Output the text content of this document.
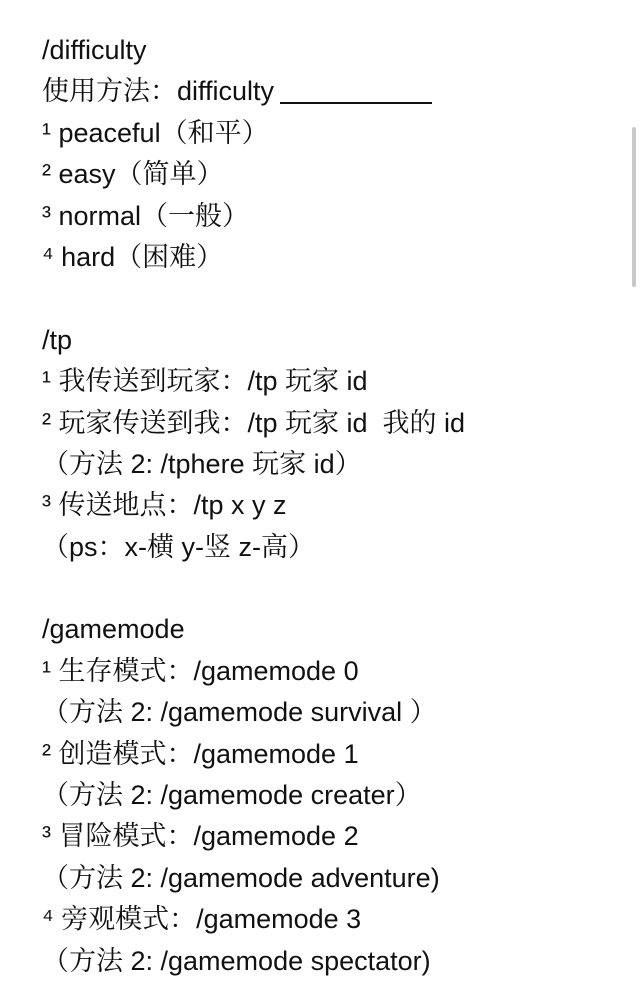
/difficulty
使用方法：difficulty
¹ peaceful（和平）
² easy（简单）
³ normal（一般）
⁴ hard（困难）
/tp
¹ 我传送到玩家：/tp 玩家 id
² 玩家传送到我：/tp 玩家 id  我的 id
（方法 2: /tphere 玩家 id）
³ 传送地点：/tp x y z
（ps：x-横 y-竖 z-高）
/gamemode
¹ 生存模式：/gamemode 0
（方法 2: /gamemode survival ）
² 创造模式：/gamemode 1
（方法 2: /gamemode creater）
³ 冒险模式：/gamemode 2
（方法 2: /gamemode adventure)
⁴ 旁观模式：/gamemode 3
（方法 2: /gamemode spectator)
